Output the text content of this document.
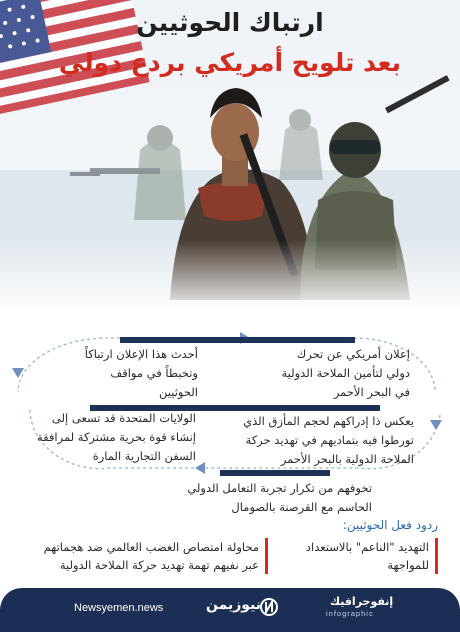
ارتباك الحوثيين
بعد تلويح أمريكي بردع دولي
إعلان أمريكي عن تحرك دولي لتأمين الملاحة الدولية في البحر الأحمر
أحدث هذا الإعلان ارتباكاً وتخبطاً في مواقف الحوثيين
يعكس ذا إدراكهم لحجم المأزق الذي تورطوا فيه بتماديهم في تهديد حركة الملاحة الدولية بالبحر الأحمر
الولايات المتحدة قد تسعى إلى إنشاء قوة بحرية مشتركة لمرافقة السفن التجارية المارة
تخوفهم من تكرار تجربة التعامل الدولي الحاسم مع القرصنة بالصومال
ردود فعل الحوثيين:
التهديد "الناعم" بالاستعداد للمواجهة
محاولة امتصاص الغضب العالمي ضد هجماتهم عبر نفيهم تهمة تهديد حركة الملاحة الدولية
Newsyemen.news	نيوزيمن	إنفوجرافيك
infographic
